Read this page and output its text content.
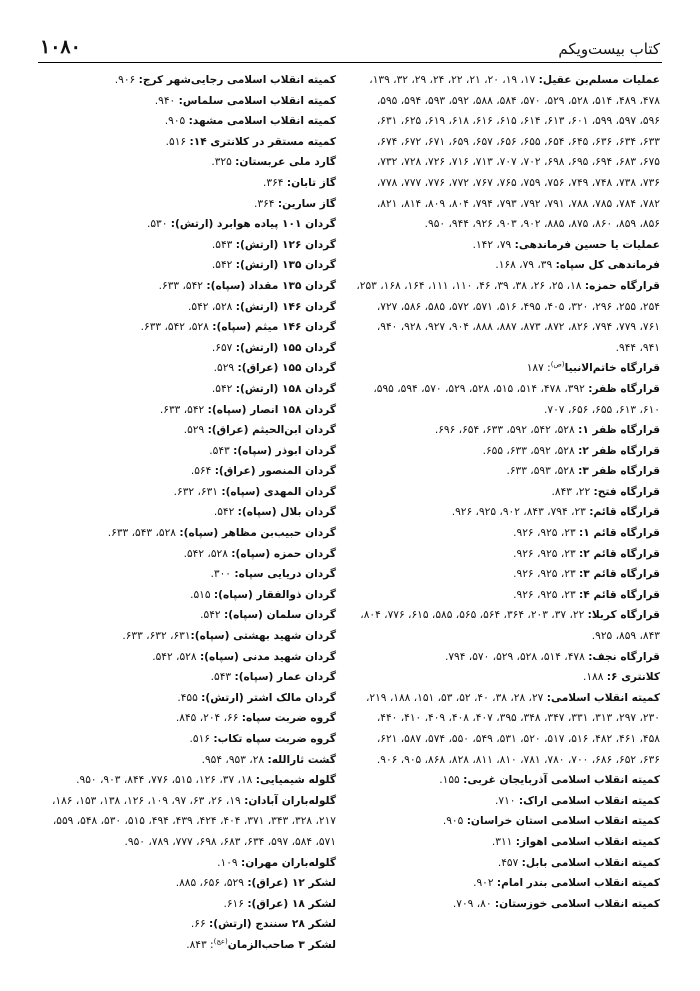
۱۰۸۰	کتاب بیست‌ویکم

عملیات مسلم‌بن عقیل: ۱۷، ۱۹، ۲۰، ۲۱، ۲۲، ۲۴، ۲۹، ۳۲، ۱۳۹، ۴۷۸، ۴۸۹، ۵۱۴، ۵۲۸، ۵۲۹، ۵۷۰، ۵۸۴، ۵۸۸، ۵۹۲، ۵۹۳، ۵۹۴، ۵۹۵، ۵۹۶، ۵۹۷، ۵۹۹، ۶۰۱، ۶۱۳، ۶۱۴، ۶۱۵، ۶۱۶، ۶۱۸، ۶۱۹، ۶۲۵، ۶۳۱، ۶۳۳، ۶۳۴، ۶۳۶، ۶۴۵، ۶۵۴، ۶۵۵، ۶۵۶، ۶۵۷، ۶۵۹، ۶۷۱، ۶۷۲، ۶۷۴، ۶۷۵، ۶۸۳، ۶۹۴، ۶۹۵، ۶۹۸، ۷۰۲، ۷۰۷، ۷۱۳، ۷۱۶، ۷۲۶، ۷۲۸، ۷۳۲، ۷۳۶، ۷۳۸، ۷۴۸، ۷۴۹، ۷۵۶، ۷۵۹، ۷۶۵، ۷۶۷، ۷۷۲، ۷۷۶، ۷۷۷، ۷۷۸، ۷۸۲، ۷۸۴، ۷۸۵، ۷۸۸، ۷۹۱، ۷۹۲، ۷۹۳، ۷۹۴، ۸۰۴، ۸۰۹، ۸۱۴، ۸۲۱، ۸۵۶، ۸۵۹، ۸۶۰، ۸۷۵، ۸۸۵، ۹۰۲، ۹۰۳، ۹۲۶، ۹۴۴، ۹۵۰.

عملیات یا حسین فرماندهی: ۷۹، ۱۴۲.

فرماندهی کل سپاه: ۳۹، ۷۹، ۱۶۸.

قرارگاه حمزه: ۱۸، ۲۵، ۲۶، ۳۸، ۳۹، ۴۶، ۱۱۰، ۱۱۱، ۱۶۴، ۱۶۸، ۲۵۳، ۲۵۴، ۲۵۵، ۲۹۶، ۳۲۰، ۴۰۵، ۴۹۵، ۵۱۶، ۵۷۱، ۵۷۲، ۵۸۵، ۵۸۶، ۷۲۷، ۷۶۱، ۷۷۹، ۷۹۴، ۸۲۶، ۸۷۲، ۸۷۳، ۸۸۷، ۸۸۸، ۹۰۴، ۹۲۷، ۹۲۸، ۹۴۰، ۹۴۱، ۹۴۴.

قرارگاه خاتم‌الانبیا$^{(ص)}$: ۱۸۷

قرارگاه ظفر: ۳۹۲، ۴۷۸، ۵۱۴، ۵۱۵، ۵۲۸، ۵۲۹، ۵۷۰، ۵۹۴، ۵۹۵، ۶۱۰، ۶۱۳، ۶۵۵، ۶۵۶، ۷۰۷.

قرارگاه ظفر ۱: ۵۲۸، ۵۴۲، ۵۹۲، ۶۳۳، ۶۵۴، ۶۹۶.

قرارگاه ظفر ۲: ۵۲۸، ۵۹۲، ۶۳۳، ۶۵۵.

قرارگاه ظفر ۳: ۵۲۸، ۵۹۳، ۶۳۳.

قرارگاه فتح: ۲۲، ۸۴۳.

قرارگاه قائم: ۲۳، ۷۹۴، ۸۴۳، ۹۰۲، ۹۲۵، ۹۲۶.

قرارگاه قائم ۱: ۲۳، ۹۲۵، ۹۲۶.

قرارگاه قائم ۲: ۲۳، ۹۲۵، ۹۲۶.

قرارگاه قائم ۳: ۲۳، ۹۲۵، ۹۲۶.

قرارگاه قائم ۴: ۲۳، ۹۲۵، ۹۲۶.

قرارگاه کربلا: ۲۲، ۳۷، ۲۰۳، ۳۶۴، ۵۶۴، ۵۶۵، ۵۸۵، ۶۱۵، ۷۷۶، ۸۰۴، ۸۴۳، ۸۵۹، ۹۲۵.

قرارگاه نجف: ۴۷۸، ۵۱۴، ۵۲۸، ۵۲۹، ۵۷۰، ۷۹۴.

کلانتری ۶: ۱۸۸.

کمیته انقلاب اسلامی: ۲۷، ۲۸، ۳۸، ۴۰، ۵۲، ۵۳، ۱۵۱، ۱۸۸، ۲۱۹، ۲۳۰، ۲۹۷، ۳۱۳، ۳۳۱، ۳۴۷، ۳۴۸، ۳۹۵، ۴۰۷، ۴۰۸، ۴۰۹، ۴۱۰، ۴۴۰، ۴۵۸، ۴۶۱، ۴۸۲، ۵۱۶، ۵۱۷، ۵۲۰، ۵۳۱، ۵۴۹، ۵۵۰، ۵۷۴، ۵۸۷، ۶۲۱، ۶۳۶، ۶۵۲، ۶۸۶، ۷۰۰، ۷۸۰، ۷۸۱، ۸۱۰، ۸۱۱، ۸۲۸، ۸۶۸، ۹۰۵، ۹۰۶.

کمیته انقلاب اسلامی آذربایجان غربی: ۱۵۵.

کمیته انقلاب اسلامی اراک: ۷۱۰.

کمیته انقلاب اسلامی استان خراسان: ۹۰۵.

کمیته انقلاب اسلامی اهواز: ۳۱۱.

کمیته انقلاب اسلامی بابل: ۴۵۷.

کمیته انقلاب اسلامی بندر امام: ۹۰۲.

کمیته انقلاب اسلامی خوزستان: ۸۰، ۷۰۹.

کمیته انقلاب اسلامی رجایی‌شهر کرج: ۹۰۶.

کمیته انقلاب اسلامی سلماس: ۹۴۰.

کمیته انقلاب اسلامی مشهد: ۹۰۵.

کمیته مستقر در کلانتری ۱۴: ۵۱۶.

گارد ملی عربستان: ۳۲۵.

گاز تابان: ۳۶۴.

گاز سارین: ۳۶۴.

گردان ۱۰۱ پیاده هوابرد (ارتش): ۵۳۰.

گردان ۱۲۶ (ارتش): ۵۴۳.

گردان ۱۳۵ (ارتش): ۵۴۲.

گردان ۱۳۵ مقداد (سپاه): ۵۴۲، ۶۳۳.

گردان ۱۴۶ (ارتش): ۵۲۸، ۵۴۲.

گردان ۱۴۶ میثم (سپاه): ۵۲۸، ۵۴۲، ۶۳۳.

گردان ۱۵۵ (ارتش): ۶۵۷.

گردان ۱۵۵ (عراق): ۵۲۹.

گردان ۱۵۸ (ارتش): ۵۴۲.

گردان ۱۵۸ انصار (سپاه): ۵۴۲، ۶۳۳.

گردان ابن‌الحیثم (عراق): ۵۲۹.

گردان ابوذر (سپاه): ۵۴۳.

گردان المنصور (عراق): ۵۶۴.

گردان المهدی (سپاه): ۶۳۱، ۶۳۲.

گردان بلال (سپاه): ۵۴۲.

گردان حبیب‌بن مظاهر (سپاه): ۵۲۸، ۵۴۳، ۶۳۳.

گردان حمزه (سپاه): ۵۲۸، ۵۴۲.

گردان دریایی سپاه: ۳۰۰.

گردان ذوالفقار (سپاه): ۵۱۵.

گردان سلمان (سپاه): ۵۴۲.

گردان شهید بهشتی (سپاه):۶۳۱، ۶۳۲، ۶۳۳.

گردان شهید مدنی (سپاه): ۵۲۸، ۵۴۲.

گردان عمار (سپاه): ۵۴۳.

گردان مالک اشتر (ارتش): ۴۵۵.

گروه ضربت سپاه: ۶۶، ۲۰۴، ۸۴۵.

گروه ضربت سپاه تکاب: ۵۱۶.

گشت ثارالله: ۲۸، ۹۵۳، ۹۵۴.

گلوله شیمیایی: ۱۸، ۳۷، ۱۲۶، ۵۱۵، ۷۷۶، ۸۴۴، ۹۰۳، ۹۵۰.

گلوله‌باران آبادان: ۱۹، ۲۶، ۶۳، ۹۷، ۱۰۹، ۱۲۶، ۱۳۸، ۱۵۳، ۱۸۶، ۲۱۷، ۳۲۸، ۳۴۳، ۳۷۱، ۴۰۴، ۴۲۴، ۴۳۹، ۴۹۴، ۵۱۵، ۵۳۰، ۵۴۸، ۵۵۹، ۵۷۱، ۵۸۴، ۵۹۷، ۶۳۴، ۶۸۳، ۶۹۸، ۷۷۷، ۷۸۹، ۹۵۰.

گلوله‌باران مهران: ۱۰۹.

لشکر ۱۲ (عراق): ۵۲۹، ۶۵۶، ۸۸۵.

لشکر ۱۸ (عراق): ۶۱۶.

لشکر ۲۸ سنندج (ارتش): ۶۶.

لشکر ۳ صاحب‌الزمان$^{(عج)}$: ۸۴۳.
